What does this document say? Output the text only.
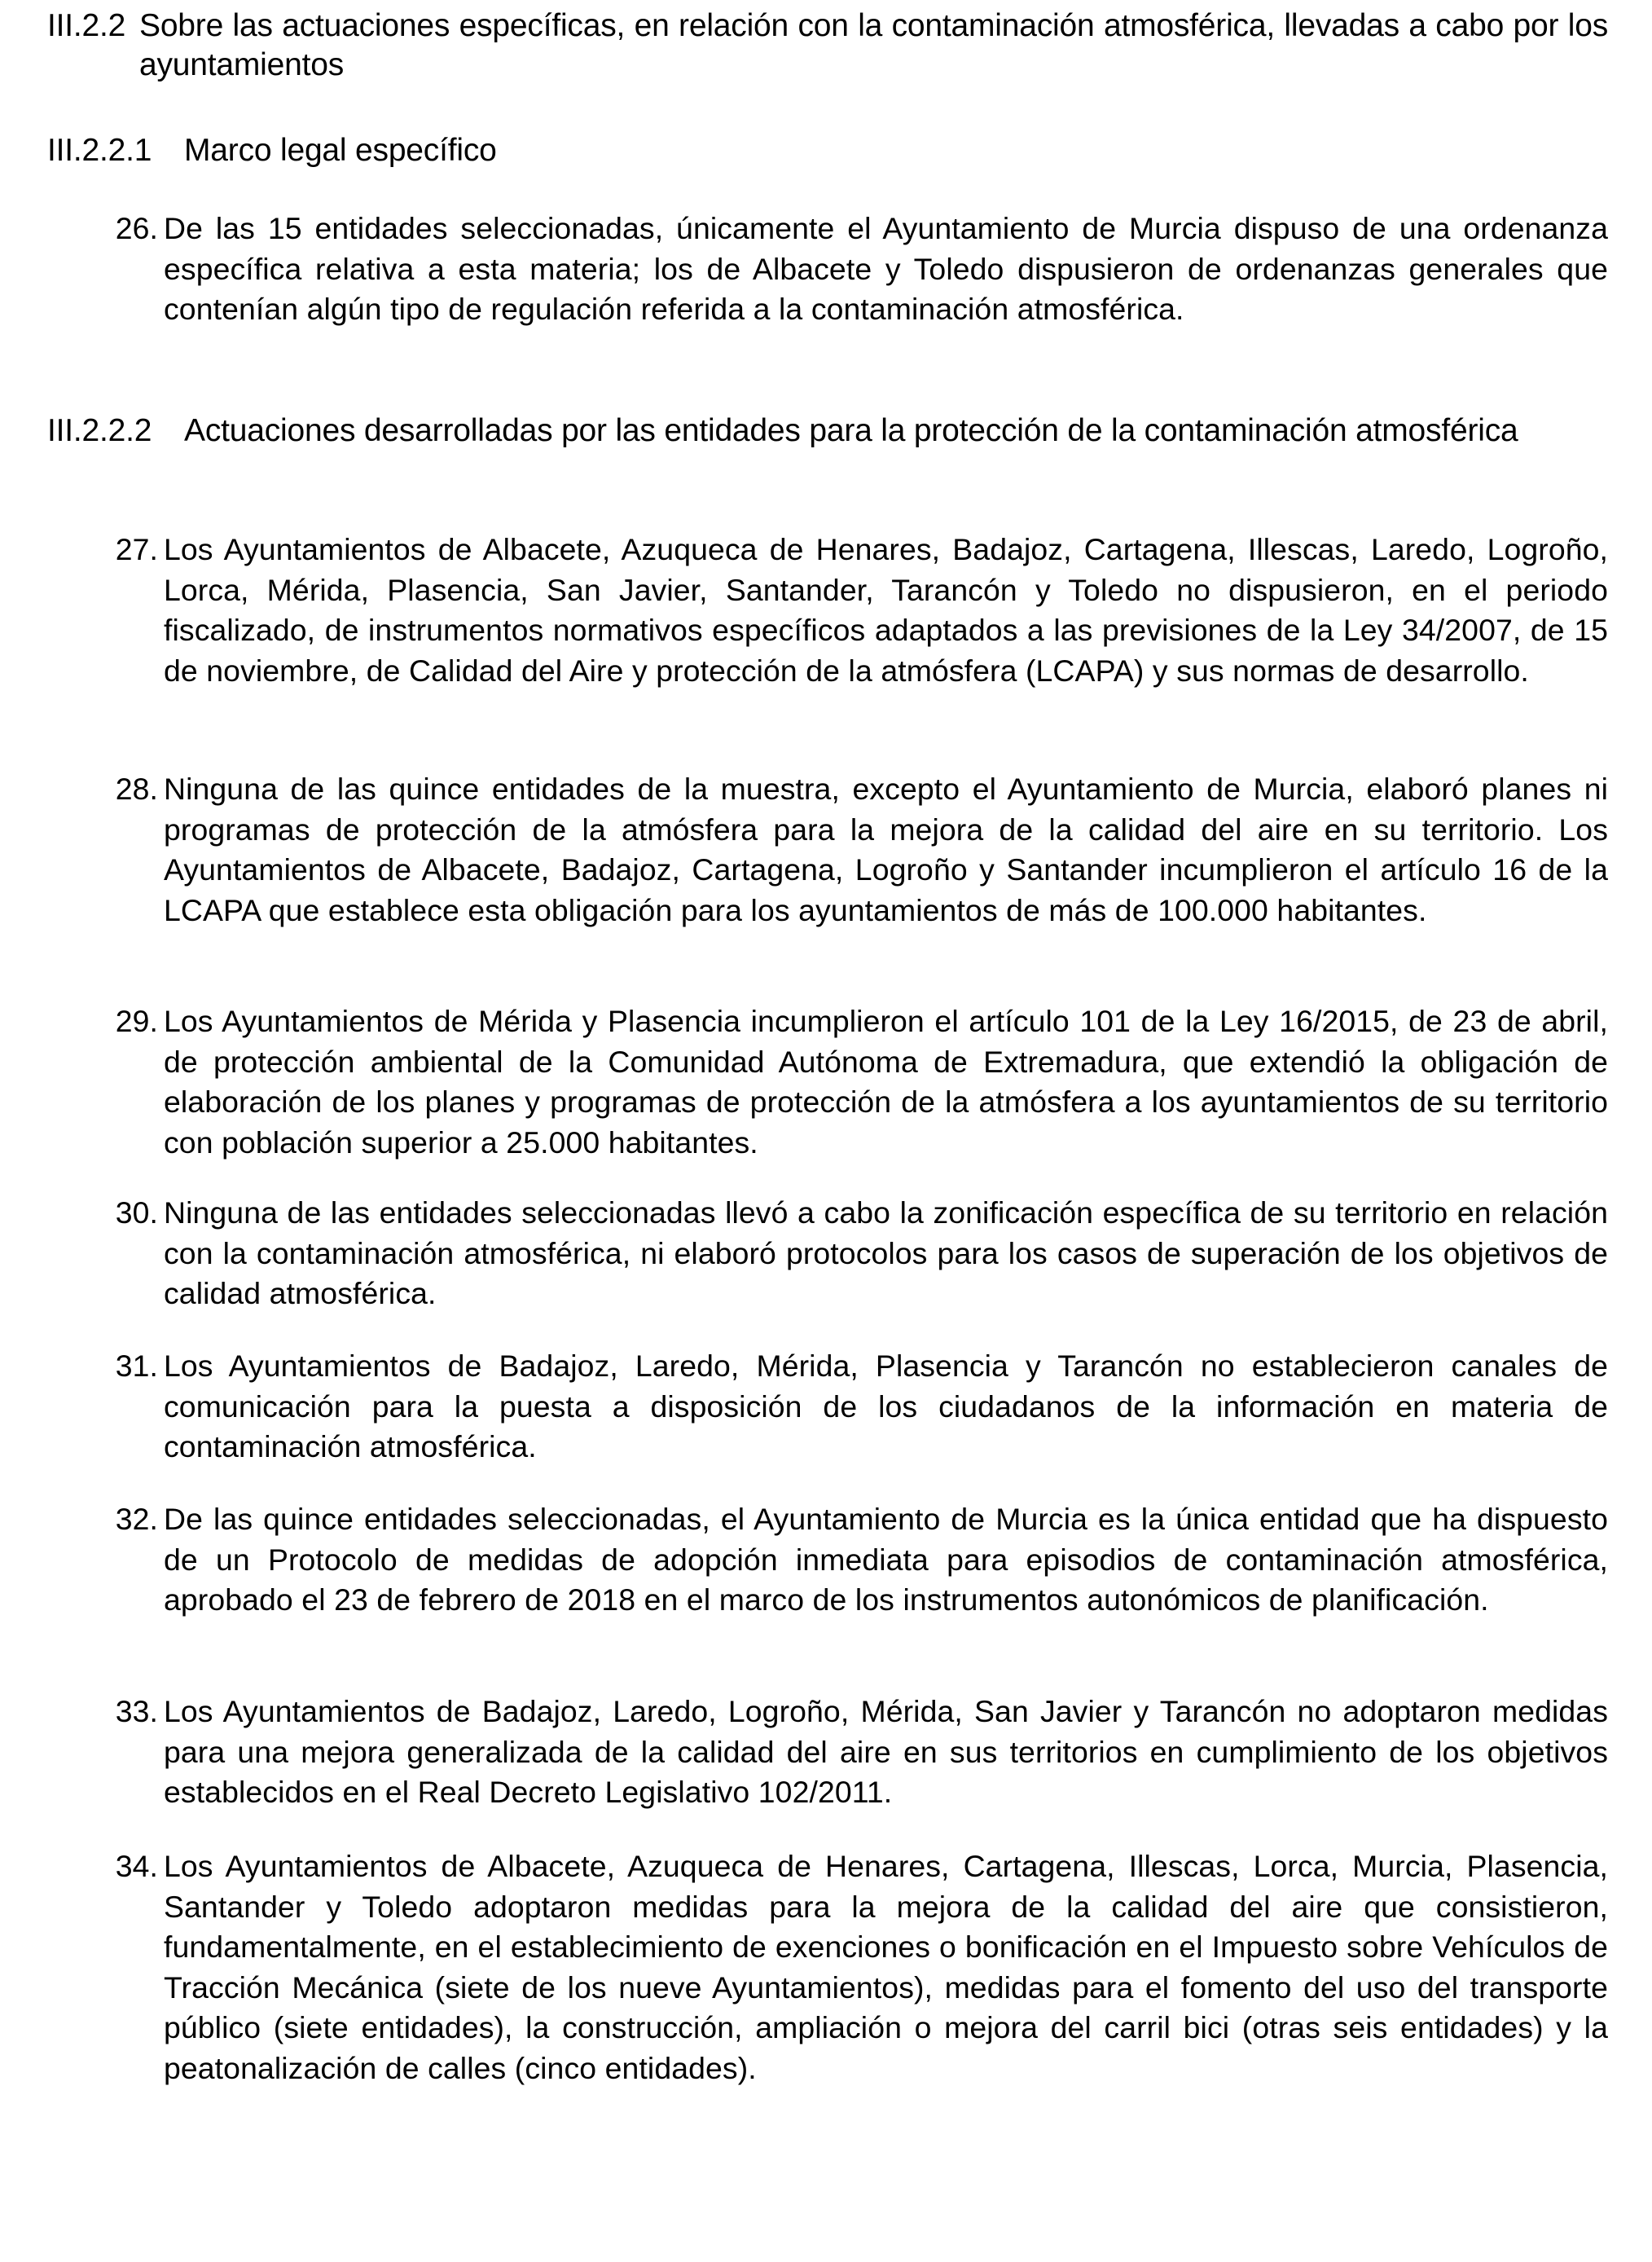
III.2.2 Sobre las actuaciones específicas, en relación con la contaminación atmosférica, llevadas a cabo por los ayuntamientos
III.2.2.1 Marco legal específico
26. De las 15 entidades seleccionadas, únicamente el Ayuntamiento de Murcia dispuso de una ordenanza específica relativa a esta materia; los de Albacete y Toledo dispusieron de ordenanzas generales que contenían algún tipo de regulación referida a la contaminación atmosférica.
III.2.2.2 Actuaciones desarrolladas por las entidades para la protección de la contaminación atmosférica
27. Los Ayuntamientos de Albacete, Azuqueca de Henares, Badajoz, Cartagena, Illescas, Laredo, Logroño, Lorca, Mérida, Plasencia, San Javier, Santander, Tarancón y Toledo no dispusieron, en el periodo fiscalizado, de instrumentos normativos específicos adaptados a las previsiones de la Ley 34/2007, de 15 de noviembre, de Calidad del Aire y protección de la atmósfera (LCAPA) y sus normas de desarrollo.
28. Ninguna de las quince entidades de la muestra, excepto el Ayuntamiento de Murcia, elaboró planes ni programas de protección de la atmósfera para la mejora de la calidad del aire en su territorio. Los Ayuntamientos de Albacete, Badajoz, Cartagena, Logroño y Santander incumplieron el artículo 16 de la LCAPA que establece esta obligación para los ayuntamientos de más de 100.000 habitantes.
29. Los Ayuntamientos de Mérida y Plasencia incumplieron el artículo 101 de la Ley 16/2015, de 23 de abril, de protección ambiental de la Comunidad Autónoma de Extremadura, que extendió la obligación de elaboración de los planes y programas de protección de la atmósfera a los ayuntamientos de su territorio con población superior a 25.000 habitantes.
30. Ninguna de las entidades seleccionadas llevó a cabo la zonificación específica de su territorio en relación con la contaminación atmosférica, ni elaboró protocolos para los casos de superación de los objetivos de calidad atmosférica.
31. Los Ayuntamientos de Badajoz, Laredo, Mérida, Plasencia y Tarancón no establecieron canales de comunicación para la puesta a disposición de los ciudadanos de la información en materia de contaminación atmosférica.
32. De las quince entidades seleccionadas, el Ayuntamiento de Murcia es la única entidad que ha dispuesto de un Protocolo de medidas de adopción inmediata para episodios de contaminación atmosférica, aprobado el 23 de febrero de 2018 en el marco de los instrumentos autonómicos de planificación.
33. Los Ayuntamientos de Badajoz, Laredo, Logroño, Mérida, San Javier y Tarancón no adoptaron medidas para una mejora generalizada de la calidad del aire en sus territorios en cumplimiento de los objetivos establecidos en el Real Decreto Legislativo 102/2011.
34. Los Ayuntamientos de Albacete, Azuqueca de Henares, Cartagena, Illescas, Lorca, Murcia, Plasencia, Santander y Toledo adoptaron medidas para la mejora de la calidad del aire que consistieron, fundamentalmente, en el establecimiento de exenciones o bonificación en el Impuesto sobre Vehículos de Tracción Mecánica (siete de los nueve Ayuntamientos), medidas para el fomento del uso del transporte público (siete entidades), la construcción, ampliación o mejora del carril bici (otras seis entidades) y la peatonalización de calles (cinco entidades).
